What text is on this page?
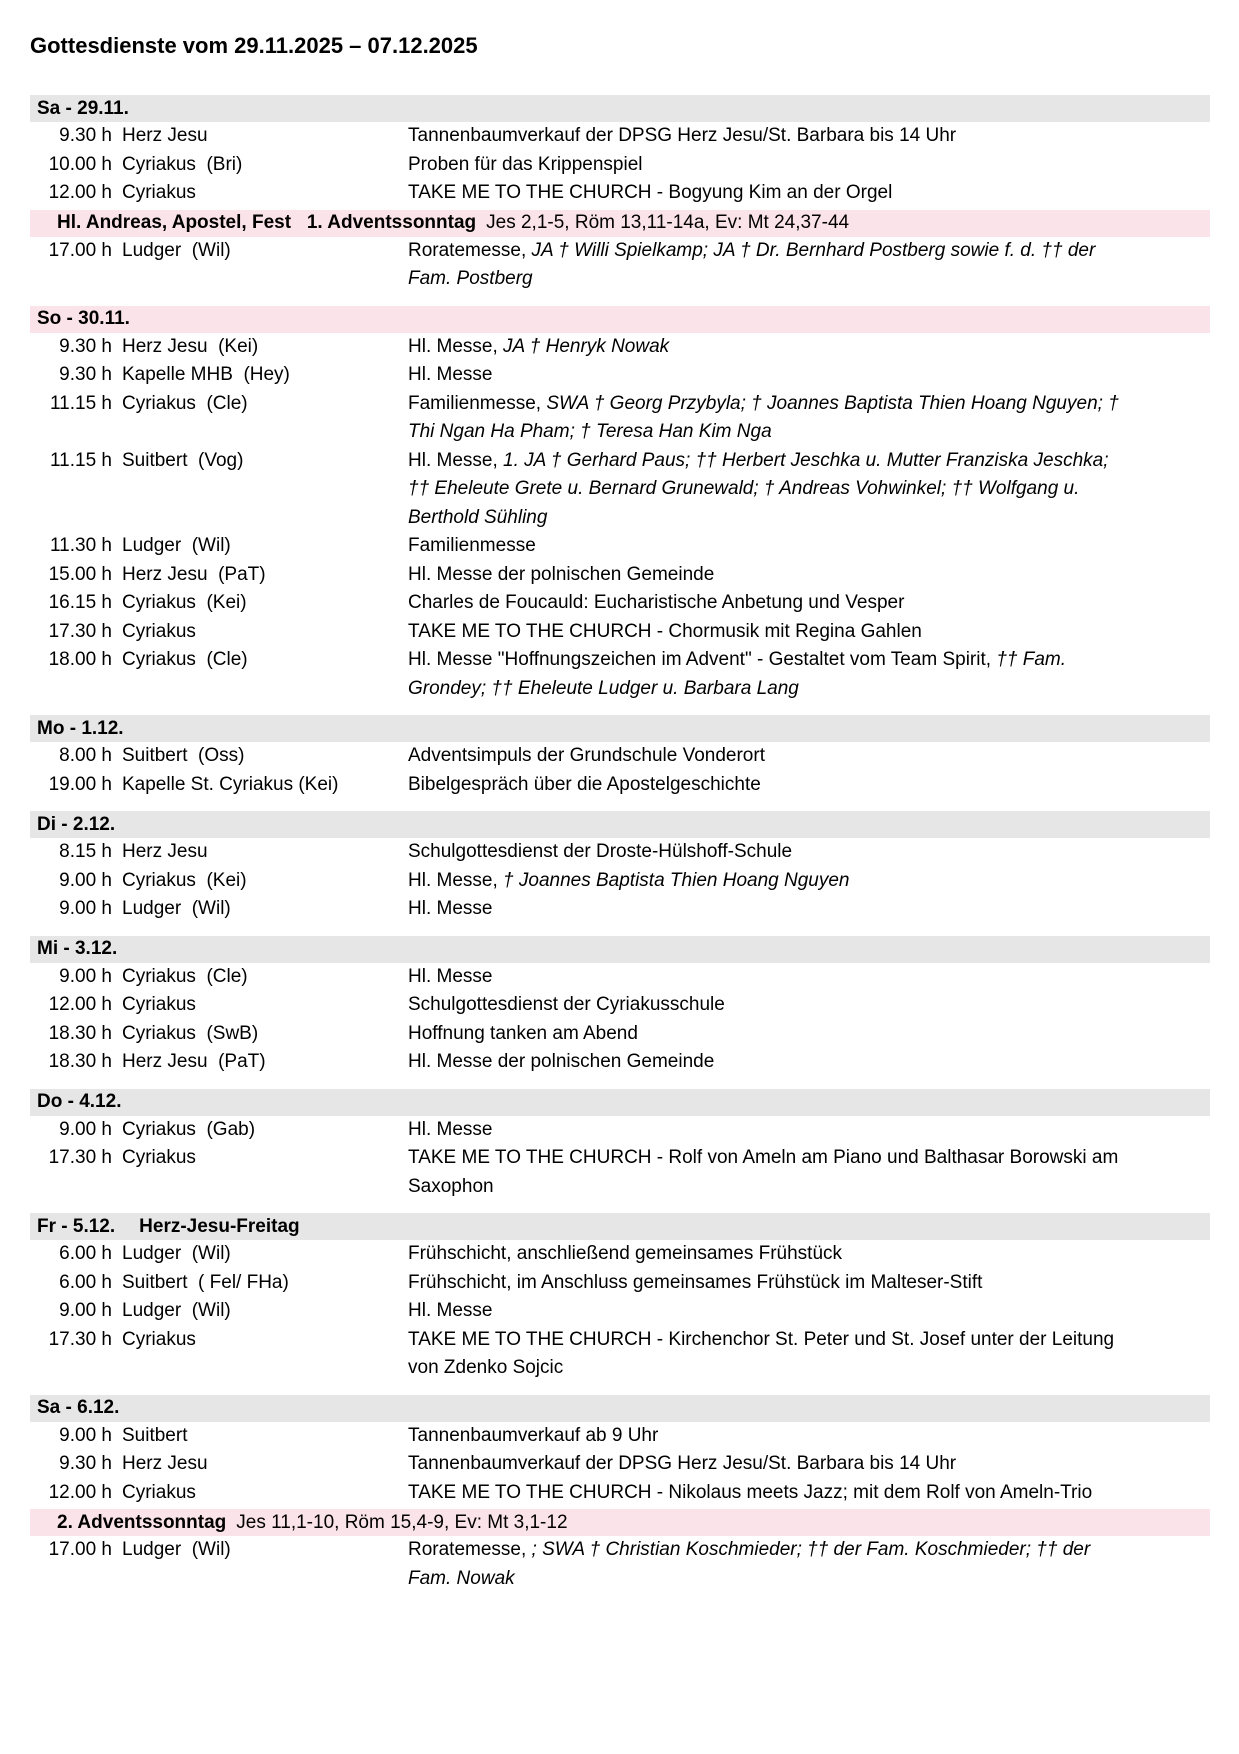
Gottesdienste vom 29.11.2025 – 07.12.2025
Sa - 29.11.
9.30 h Herz Jesu	Tannenbaumverkauf der DPSG Herz Jesu/St. Barbara bis 14 Uhr
10.00 h Cyriakus  (Bri)	Proben für das Krippenspiel
12.00 h Cyriakus	TAKE ME TO THE CHURCH - Bogyung Kim an der Orgel
Hl. Andreas, Apostel, Fest   1. Adventssonntag Jes 2,1-5, Röm 13,11-14a, Ev: Mt 24,37-44
17.00 h Ludger  (Wil)	Roratemesse, JA † Willi Spielkamp; JA † Dr. Bernhard Postberg sowie f. d. †† der Fam. Postberg
So - 30.11.
9.30 h Herz Jesu  (Kei)	Hl. Messe, JA † Henryk Nowak
9.30 h Kapelle MHB  (Hey)	Hl. Messe
11.15 h Cyriakus  (Cle)	Familienmesse, SWA † Georg Przybyla; † Joannes Baptista Thien Hoang Nguyen; † Thi Ngan Ha Pham; † Teresa Han Kim Nga
11.15 h Suitbert  (Vog)	Hl. Messe, 1. JA † Gerhard Paus; †† Herbert Jeschka u. Mutter Franziska Jeschka; †† Eheleute Grete u. Bernard Grunewald; † Andreas Vohwinkel; †† Wolfgang u. Berthold Sühling
11.30 h Ludger  (Wil)	Familienmesse
15.00 h Herz Jesu  (PaT)	Hl. Messe der polnischen Gemeinde
16.15 h Cyriakus  (Kei)	Charles de Foucauld: Eucharistische Anbetung und Vesper
17.30 h Cyriakus	TAKE ME TO THE CHURCH - Chormusik mit Regina Gahlen
18.00 h Cyriakus  (Cle)	Hl. Messe "Hoffnungszeichen im Advent" - Gestaltet vom Team Spirit, †† Fam. Grondey; †† Eheleute Ludger u. Barbara Lang
Mo - 1.12.
8.00 h Suitbert  (Oss)	Adventsimpuls der Grundschule Vonderort
19.00 h Kapelle St. Cyriakus (Kei)	Bibelgespräch über die Apostelgeschichte
Di - 2.12.
8.15 h Herz Jesu	Schulgottesdienst der Droste-Hülshoff-Schule
9.00 h Cyriakus  (Kei)	Hl. Messe, † Joannes Baptista Thien Hoang Nguyen
9.00 h Ludger  (Wil)	Hl. Messe
Mi - 3.12.
9.00 h Cyriakus  (Cle)	Hl. Messe
12.00 h Cyriakus	Schulgottesdienst der Cyriakusschule
18.30 h Cyriakus  (SwB)	Hoffnung tanken am Abend
18.30 h Herz Jesu  (PaT)	Hl. Messe der polnischen Gemeinde
Do - 4.12.
9.00 h Cyriakus  (Gab)	Hl. Messe
17.30 h Cyriakus	TAKE ME TO THE CHURCH - Rolf von Ameln am Piano und Balthasar Borowski am Saxophon
Fr - 5.12. Herz-Jesu-Freitag
6.00 h Ludger  (Wil)	Frühschicht, anschließend gemeinsames Frühstück
6.00 h Suitbert  ( Fel/ FHa)	Frühschicht, im Anschluss gemeinsames Frühstück im Malteser-Stift
9.00 h Ludger  (Wil)	Hl. Messe
17.30 h Cyriakus	TAKE ME TO THE CHURCH - Kirchenchor St. Peter und St. Josef unter der Leitung von Zdenko Sojcic
Sa - 6.12.
9.00 h Suitbert	Tannenbaumverkauf ab 9 Uhr
9.30 h Herz Jesu	Tannenbaumverkauf der DPSG Herz Jesu/St. Barbara bis 14 Uhr
12.00 h Cyriakus	TAKE ME TO THE CHURCH - Nikolaus meets Jazz; mit dem Rolf von Ameln-Trio
2. Adventssonntag Jes 11,1-10, Röm 15,4-9, Ev: Mt 3,1-12
17.00 h Ludger  (Wil)	Roratemesse, ; SWA † Christian Koschmieder; †† der Fam. Koschmieder; †† der Fam. Nowak
